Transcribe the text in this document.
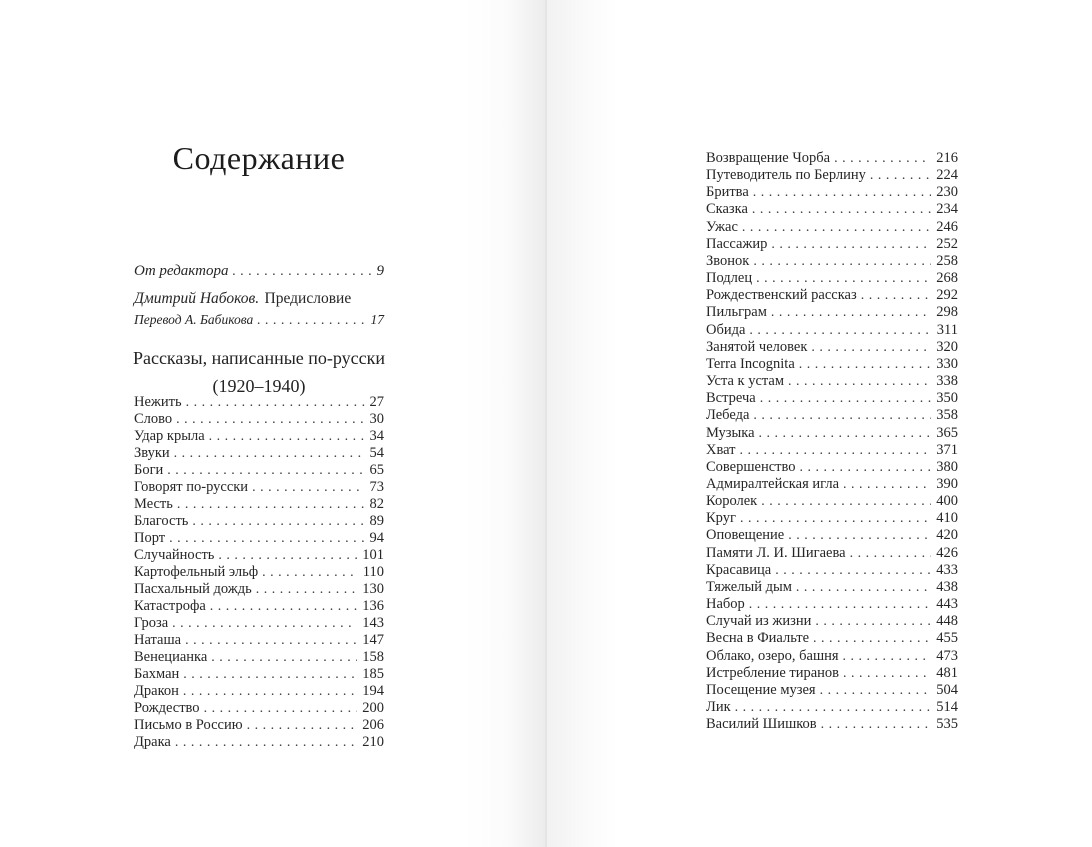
Содержание
От редактора .....	9
Дмитрий Набоков. Предисловие
Перевод А. Бабикова .....	17
Рассказы, написанные по-русски
(1920–1940)
Нежить .....	27
Слово .....	30
Удар крыла .....	34
Звуки .....	54
Боги .....	65
Говорят по-русски .....	73
Месть .....	82
Благость .....	89
Порт .....	94
Случайность .....	101
Картофельный эльф .....	110
Пасхальный дождь .....	130
Катастрофа .....	136
Гроза .....	143
Наташа .....	147
Венецианка .....	158
Бахман .....	185
Дракон .....	194
Рождество .....	200
Письмо в Россию .....	206
Драка .....	210
Возвращение Чорба .....	216
Путеводитель по Берлину .....	224
Бритва .....	230
Сказка .....	234
Ужас .....	246
Пассажир .....	252
Звонок .....	258
Подлец .....	268
Рождественский рассказ .....	292
Пильграм .....	298
Обида .....	311
Занятой человек .....	320
Terra Incognita .....	330
Уста к устам .....	338
Встреча .....	350
Лебеда .....	358
Музыка .....	365
Хват .....	371
Совершенство .....	380
Адмиралтейская игла .....	390
Королек .....	400
Круг .....	410
Оповещение .....	420
Памяти Л. И. Шигаева .....	426
Красавица .....	433
Тяжелый дым .....	438
Набор .....	443
Случай из жизни .....	448
Весна в Фиальте .....	455
Облако, озеро, башня .....	473
Истребление тиранов .....	481
Посещение музея .....	504
Лик .....	514
Василий Шишков .....	535
